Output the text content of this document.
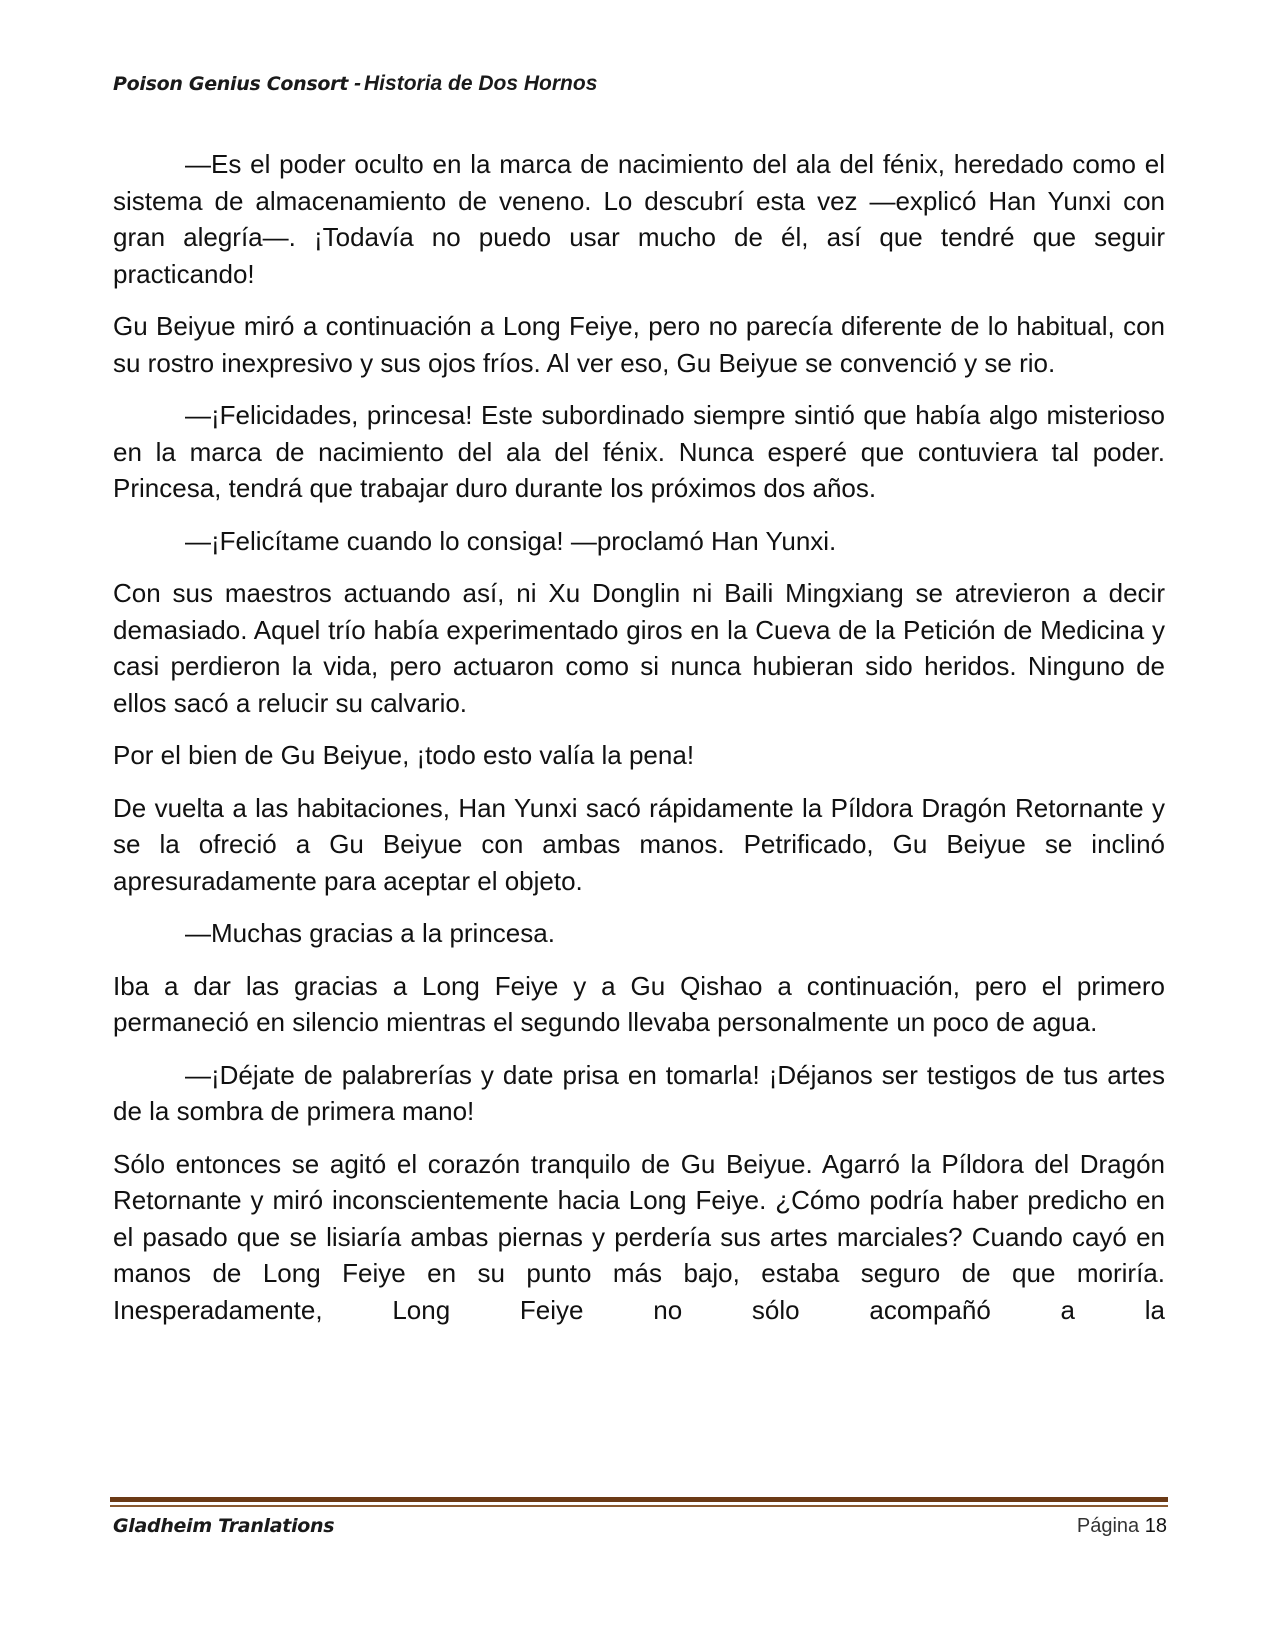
Poison Genius Consort - Historia de Dos Hornos

—Es el poder oculto en la marca de nacimiento del ala del fénix, heredado como el sistema de almacenamiento de veneno. Lo descubrí esta vez —explicó Han Yunxi con gran alegría—. ¡Todavía no puedo usar mucho de él, así que tendré que seguir practicando!

Gu Beiyue miró a continuación a Long Feiye, pero no parecía diferente de lo habitual, con su rostro inexpresivo y sus ojos fríos. Al ver eso, Gu Beiyue se convenció y se rio.

—¡Felicidades, princesa! Este subordinado siempre sintió que había algo misterioso en la marca de nacimiento del ala del fénix. Nunca esperé que contuviera tal poder. Princesa, tendrá que trabajar duro durante los próximos dos años.

—¡Felicítame cuando lo consiga! —proclamó Han Yunxi.

Con sus maestros actuando así, ni Xu Donglin ni Baili Mingxiang se atrevieron a decir demasiado. Aquel trío había experimentado giros en la Cueva de la Petición de Medicina y casi perdieron la vida, pero actuaron como si nunca hubieran sido heridos. Ninguno de ellos sacó a relucir su calvario.

Por el bien de Gu Beiyue, ¡todo esto valía la pena!

De vuelta a las habitaciones, Han Yunxi sacó rápidamente la Píldora Dragón Retornante y se la ofreció a Gu Beiyue con ambas manos. Petrificado, Gu Beiyue se inclinó apresuradamente para aceptar el objeto.

—Muchas gracias a la princesa.

Iba a dar las gracias a Long Feiye y a Gu Qishao a continuación, pero el primero permaneció en silencio mientras el segundo llevaba personalmente un poco de agua.

—¡Déjate de palabrerías y date prisa en tomarla! ¡Déjanos ser testigos de tus artes de la sombra de primera mano!

Sólo entonces se agitó el corazón tranquilo de Gu Beiyue. Agarró la Píldora del Dragón Retornante y miró inconscientemente hacia Long Feiye. ¿Cómo podría haber predicho en el pasado que se lisiaría ambas piernas y perdería sus artes marciales? Cuando cayó en manos de Long Feiye en su punto más bajo, estaba seguro de que moriría. Inesperadamente, Long Feiye no sólo acompañó a la

Gladheim Tranlations	Página 18
